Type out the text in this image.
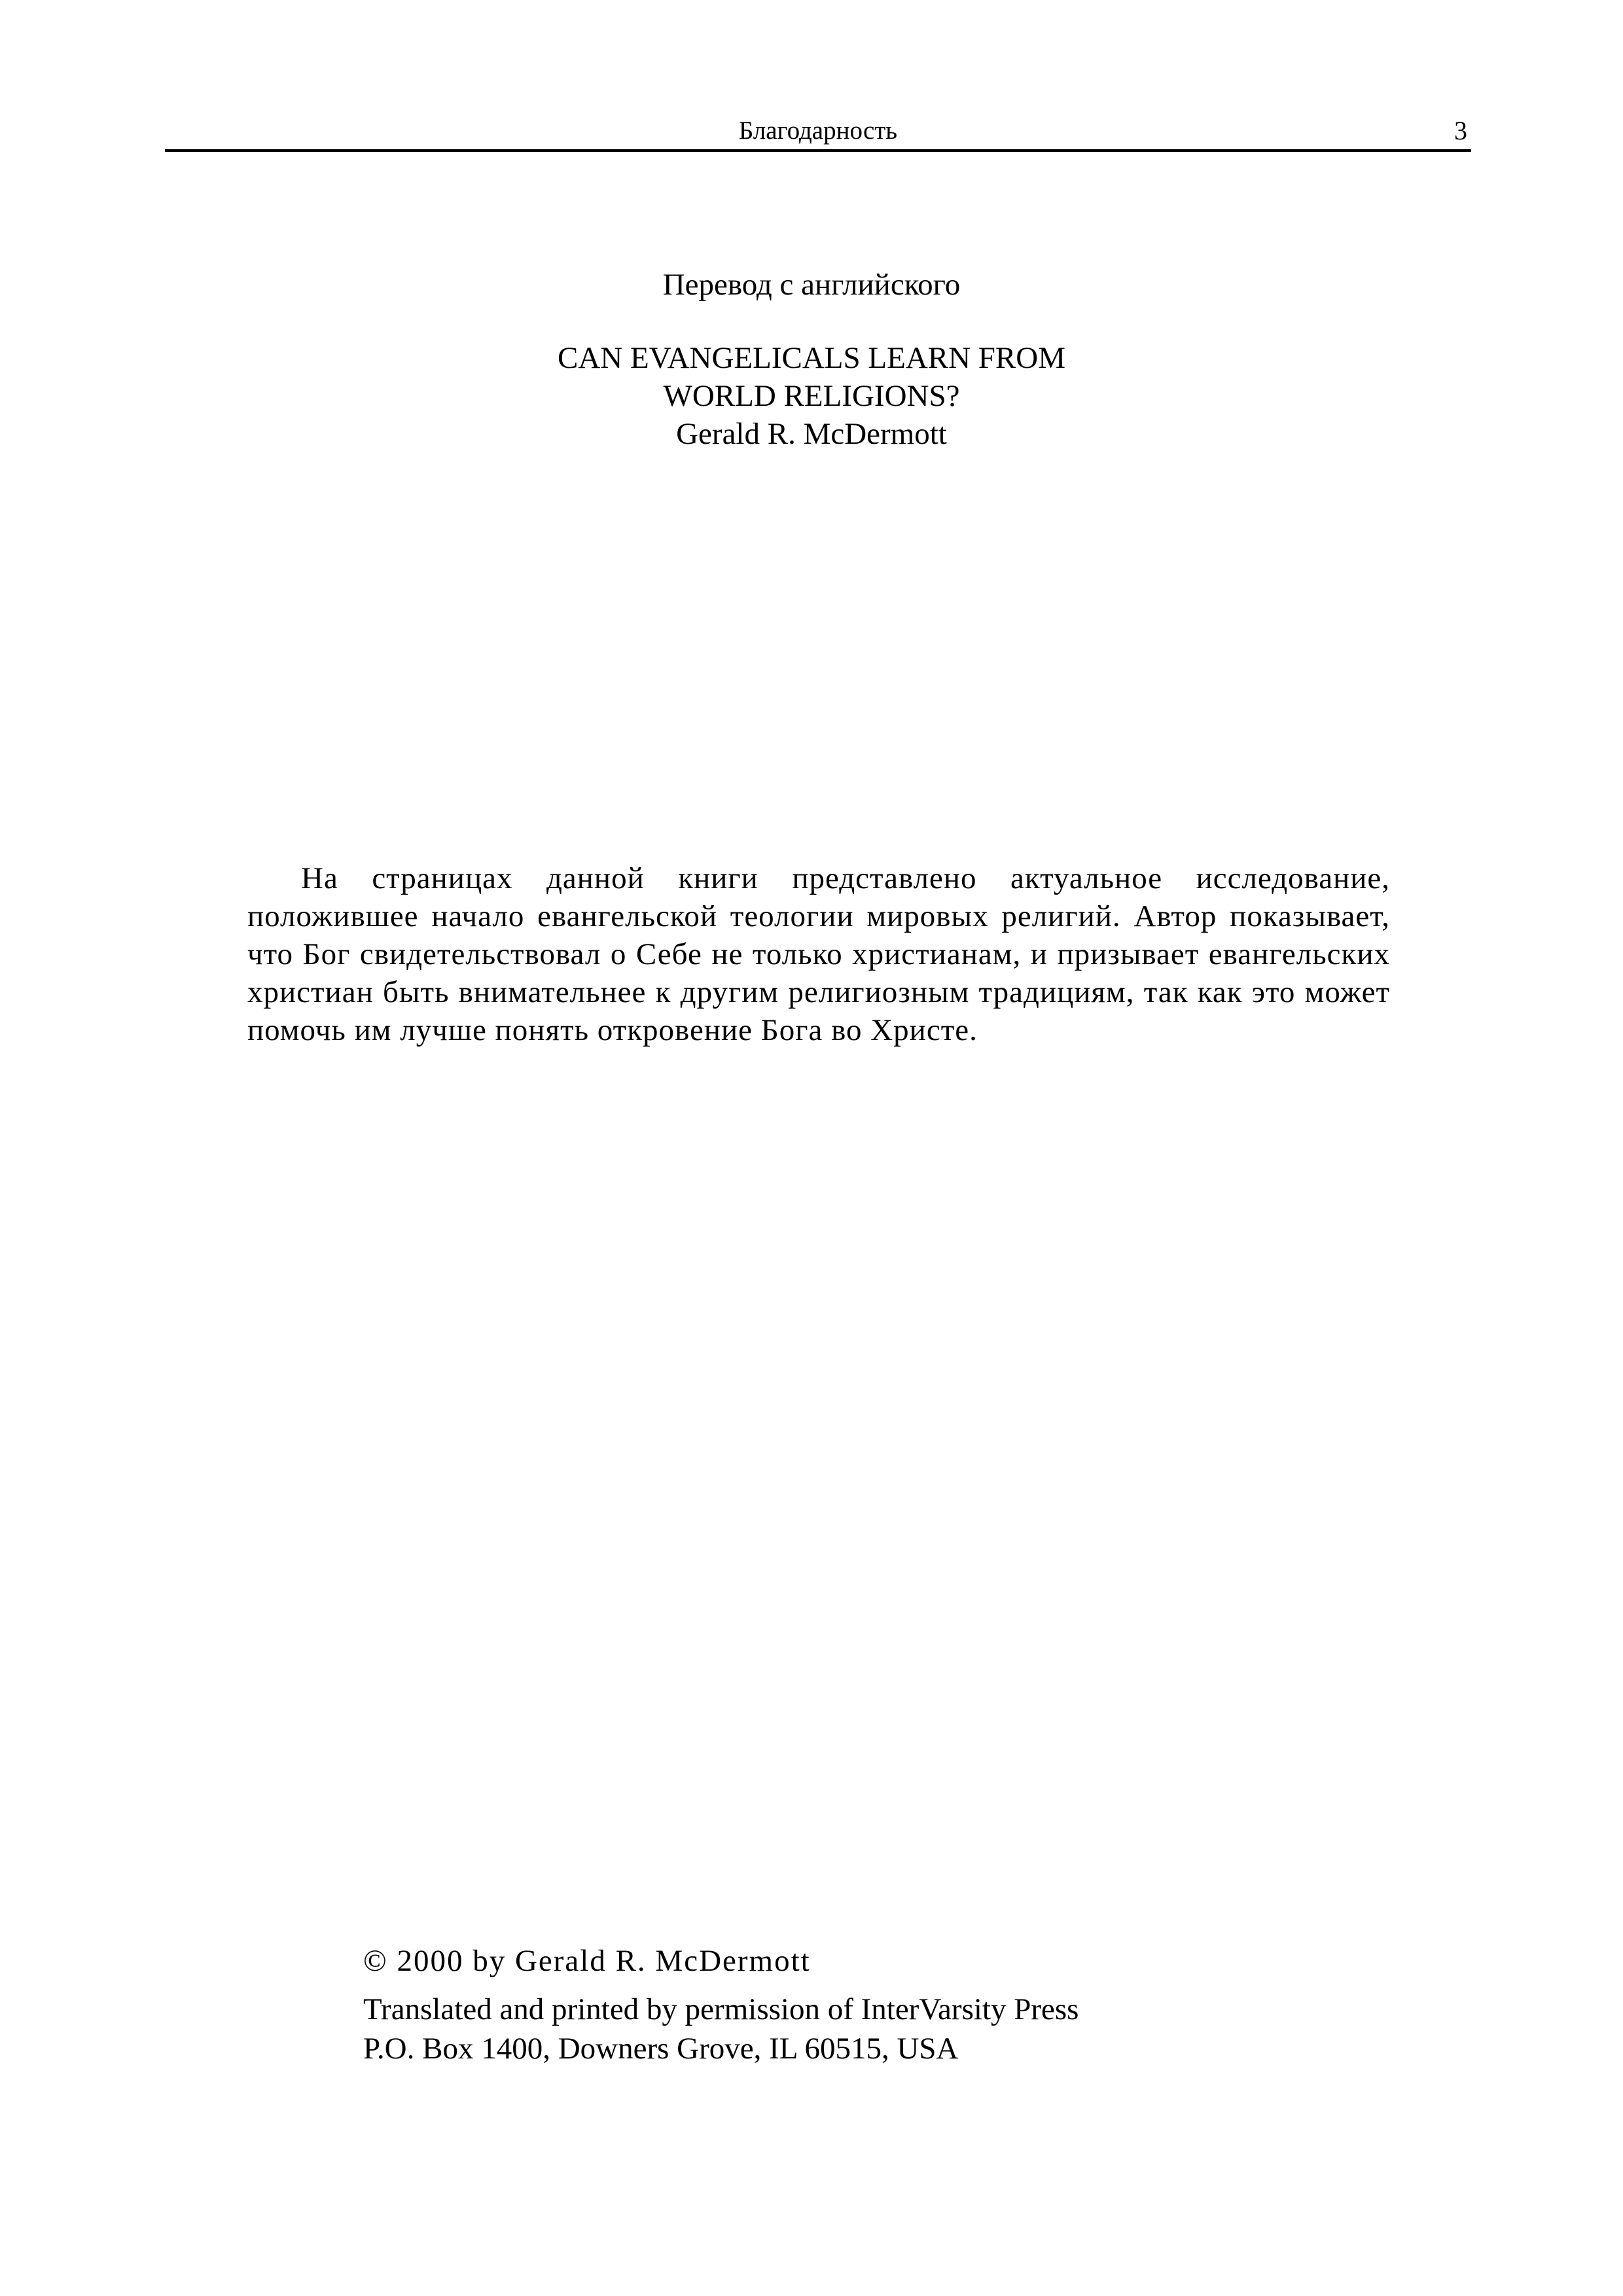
Благодарность	3
Перевод с английского
CAN EVANGELICALS LEARN FROM
WORLD RELIGIONS?
Gerald R. McDermott

На страницах данной книги представлено актуальное исследование, положившее начало евангельской теологии мировых религий. Автор показывает, что Бог свидетельствовал о Себе не только христианам, и призывает евангельских христиан быть внимательнее к другим религиозным традициям, так как это может помочь им лучше понять откровение Бога во Христе.

© 2000 by Gerald R. McDermott
Translated and printed by permission of InterVarsity Press
P.O. Box 1400, Downers Grove, IL 60515, USA
